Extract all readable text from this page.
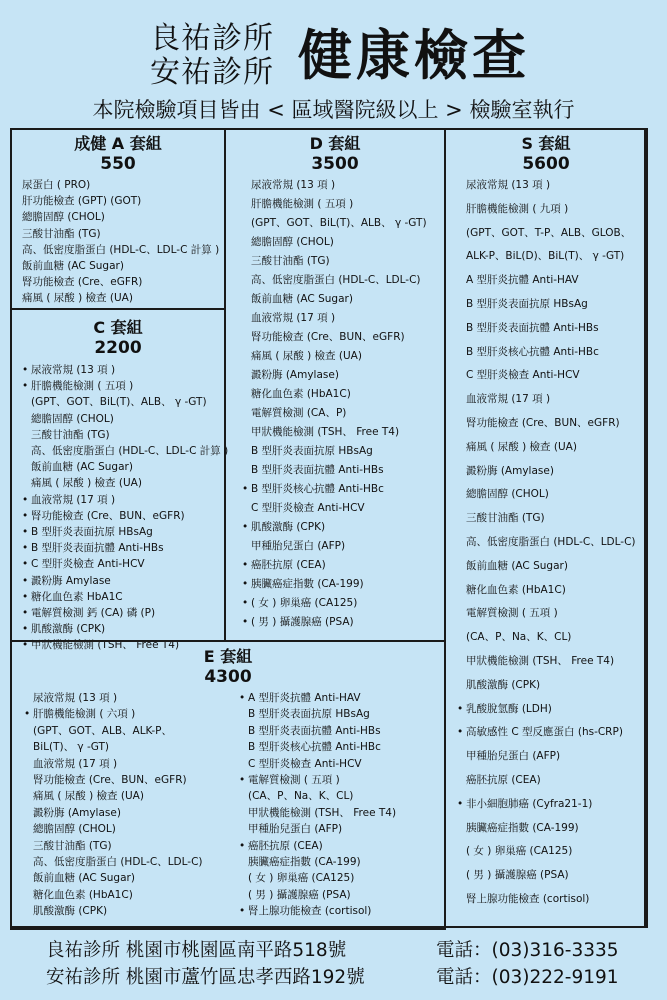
良祐診所
安祐診所 健康檢查
本院檢驗項目皆由 < 區域醫院級以上 > 檢驗室執行
成健 A 套組
550
尿蛋白 ( PRO)
肝功能檢查 (GPT) (GOT)
總膽固醇 (CHOL)
三酸甘油酯 (TG)
高、低密度脂蛋白 (HDL-C、LDL-C 計算 )
飯前血糖 (AC Sugar)
腎功能檢查 (Cre、eGFR)
痛風 ( 尿酸 ) 檢查 (UA)
C 套組
2200
• 尿液常規 (13 項 )
• 肝膽機能檢測 ( 五項 )
(GPT、GOT、BiL(T)、ALB、 γ -GT)
總膽固醇 (CHOL)
三酸甘油酯 (TG)
高、低密度脂蛋白 (HDL-C、LDL-C 計算 )
飯前血糖 (AC Sugar)
痛風 ( 尿酸 ) 檢查 (UA)
• 血液常規 (17 項 )
• 腎功能檢查 (Cre、BUN、eGFR)
• B 型肝炎表面抗原 HBsAg
• B 型肝炎表面抗體 Anti-HBs
• C 型肝炎檢查 Anti-HCV
• 澱粉脢 Amylase
• 糖化血色素 HbA1C
• 電解質檢測 鈣 (CA) 磷 (P)
• 肌酸激酶 (CPK)
• 甲狀機能檢測 (TSH、 Free T4)
D 套組
3500
尿液常規 (13 項 )
肝膽機能檢測 ( 五項 )
(GPT、GOT、BiL(T)、ALB、 γ -GT)
總膽固醇 (CHOL)
三酸甘油酯 (TG)
高、低密度脂蛋白 (HDL-C、LDL-C)
飯前血糖 (AC Sugar)
血液常規 (17 項 )
腎功能檢查 (Cre、BUN、eGFR)
痛風 ( 尿酸 ) 檢查 (UA)
澱粉脢 (Amylase)
糖化血色素 (HbA1C)
電解質檢測 (CA、P)
甲狀機能檢測 (TSH、 Free T4)
B 型肝炎表面抗原 HBsAg
B 型肝炎表面抗體 Anti-HBs
• B 型肝炎核心抗體 Anti-HBc
C 型肝炎檢查 Anti-HCV
• 肌酸激酶 (CPK)
甲種胎兒蛋白 (AFP)
• 癌胚抗原 (CEA)
• 胰臟癌症指數 (CA-199)
• ( 女 ) 卵巢癌 (CA125)
• ( 男 ) 攝護腺癌 (PSA)
S 套組
5600
尿液常規 (13 項 )
肝膽機能檢測 ( 九項 )
(GPT、GOT、T-P、ALB、GLOB、
ALK-P、BiL(D)、BiL(T)、 γ -GT)
A 型肝炎抗體 Anti-HAV
B 型肝炎表面抗原 HBsAg
B 型肝炎表面抗體 Anti-HBs
B 型肝炎核心抗體 Anti-HBc
C 型肝炎檢查 Anti-HCV
血液常規 (17 項 )
腎功能檢查 (Cre、BUN、eGFR)
痛風 ( 尿酸 ) 檢查 (UA)
澱粉脢 (Amylase)
總膽固醇 (CHOL)
三酸甘油酯 (TG)
高、低密度脂蛋白 (HDL-C、LDL-C)
飯前血糖 (AC Sugar)
糖化血色素 (HbA1C)
電解質檢測 ( 五項 )
(CA、P、Na、K、CL)
甲狀機能檢測 (TSH、 Free T4)
肌酸激酶 (CPK)
• 乳酸脫氫酶 (LDH)
• 高敏感性 C 型反應蛋白 (hs-CRP)
甲種胎兒蛋白 (AFP)
癌胚抗原 (CEA)
• 非小細胞肺癌 (Cyfra21-1)
胰臟癌症指數 (CA-199)
( 女 ) 卵巢癌 (CA125)
( 男 ) 攝護腺癌 (PSA)
腎上腺功能檢查 (cortisol)
E 套組
4300
尿液常規 (13 項 )
• 肝膽機能檢測 ( 六項 )
(GPT、GOT、ALB、ALK-P、
BiL(T)、 γ -GT)
血液常規 (17 項 )
腎功能檢查 (Cre、BUN、eGFR)
痛風 ( 尿酸 ) 檢查 (UA)
澱粉脢 (Amylase)
總膽固醇 (CHOL)
三酸甘油酯 (TG)
高、低密度脂蛋白 (HDL-C、LDL-C)
飯前血糖 (AC Sugar)
糖化血色素 (HbA1C)
肌酸激酶 (CPK)
• A 型肝炎抗體 Anti-HAV
B 型肝炎表面抗原 HBsAg
B 型肝炎表面抗體 Anti-HBs
B 型肝炎核心抗體 Anti-HBc
C 型肝炎檢查 Anti-HCV
• 電解質檢測 ( 五項 )
(CA、P、Na、K、CL)
甲狀機能檢測 (TSH、 Free T4)
甲種胎兒蛋白 (AFP)
• 癌胚抗原 (CEA)
胰臟癌症指數 (CA-199)
( 女 ) 卵巢癌 (CA125)
( 男 ) 攝護腺癌 (PSA)
• 腎上腺功能檢查 (cortisol)
良祐診所 桃園市桃園區南平路518號	電話：(03)316-3335
安祐診所 桃園市蘆竹區忠孝西路192號	電話：(03)222-9191
